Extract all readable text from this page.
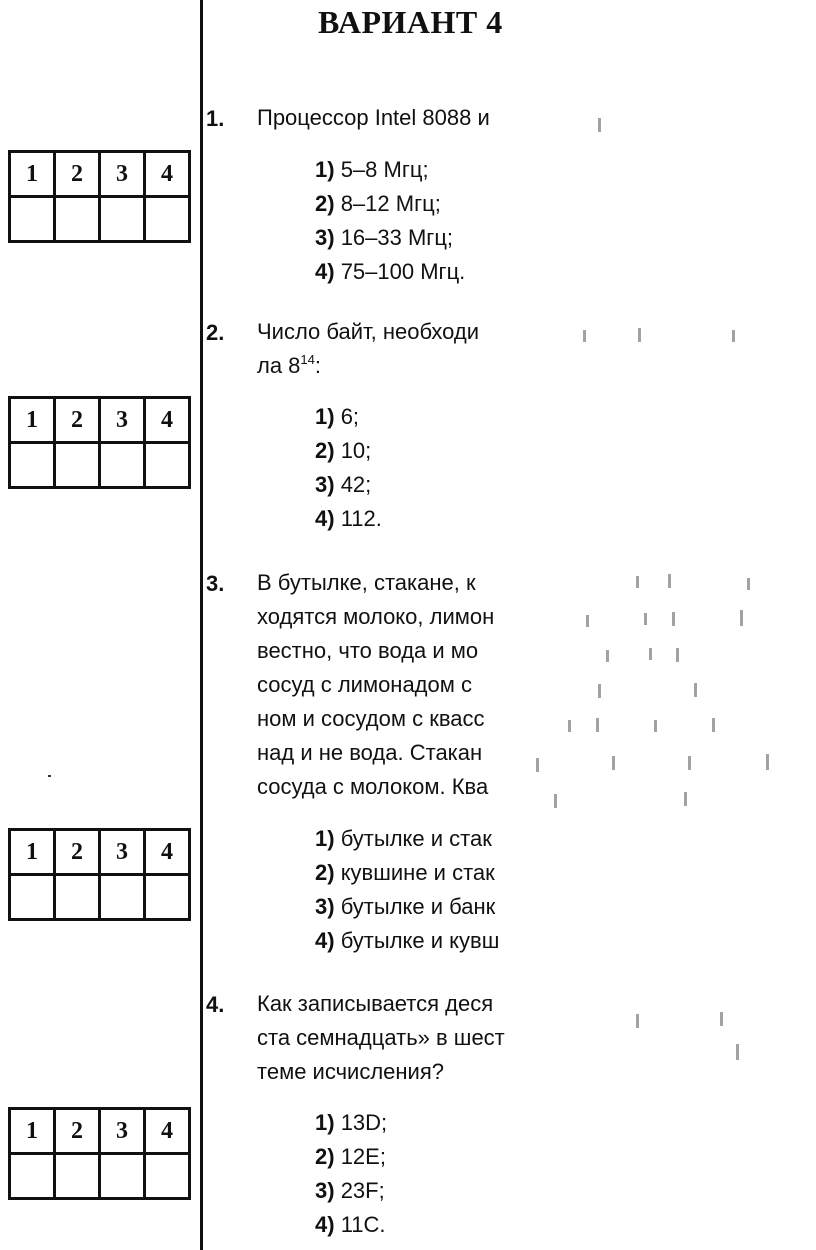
ВАРИАНТ 4
1. Процессор Intel 8088 и
1) 5–8 Мгц;
2) 8–12 Мгц;
3) 16–33 Мгц;
4) 75–100 Мгц.
1	2	3	4

2. Число байт, необходи
ла $8^{14}$:
1) 6;
2) 10;
3) 42;
4) 112.
1	2	3	4

3. В бутылке, стакане, к
ходятся молоко, лимон
вестно, что вода и мо
сосуд с лимонадом с
ном и сосудом с квасс
над и не вода. Стакан
сосуда с молоком. Ква
1) бутылке и стак
2) кувшине и стак
3) бутылке и банк
4) бутылке и кувш
1	2	3	4

4. Как записывается деся
ста семнадцать» в шест
теме исчисления?
1) 13D;
2) 12E;
3) 23F;
4) 11C.
1	2	3	4
